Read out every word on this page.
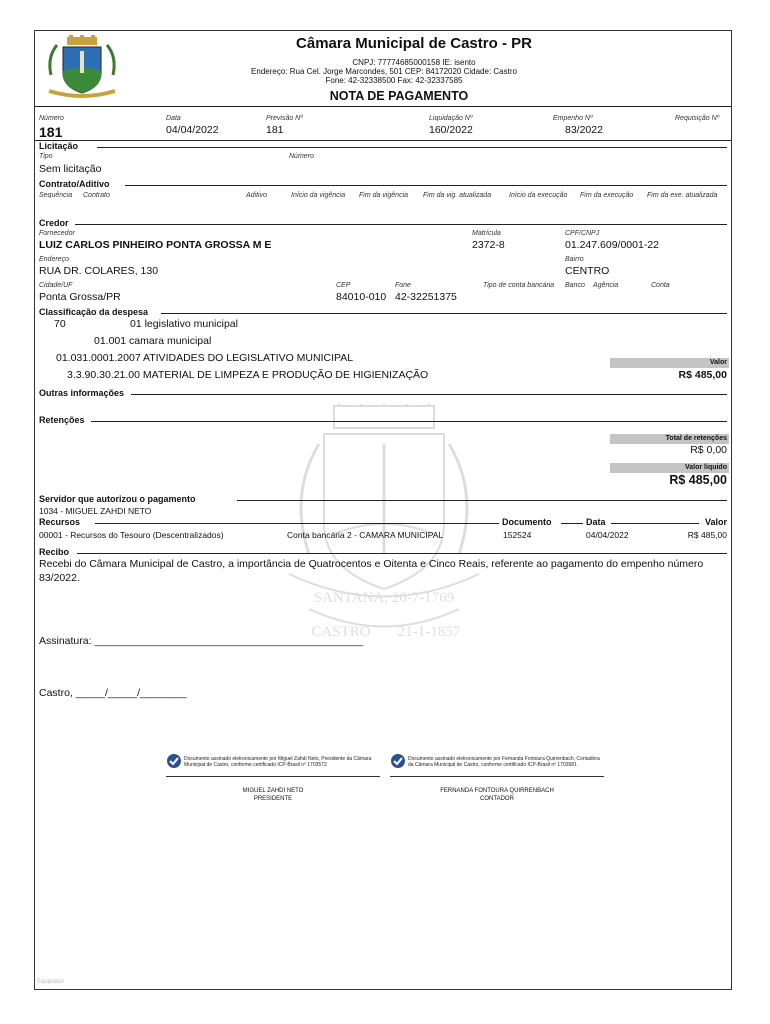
Câmara Municipal de Castro - PR
CNPJ: 77774685000158 IE: isento
Endereço: Rua Cel. Jorge Marcondes, 501 CEP: 84172020 Cidade: Castro
Fone: 42-32338500 Fax: 42-32337585
NOTA DE PAGAMENTO
Número
181
Data
04/04/2022
Previsão Nº
181
Liquidação Nº
160/2022
Empenho Nº
83/2022
Requisição Nº
Licitação
Tipo	Número
Sem licitação
Contrato/Aditivo
Sequência Contrato	Aditivo	Início da vigência Fim da vigência Fim da vig. atualizada	Início da execução Fim da execução Fim da exe. atualizada
Credor
Fornecedor	Matrícula	CPF/CNPJ
LUIZ CARLOS PINHEIRO PONTA GROSSA M E	2372-8	01.247.609/0001-22
Endereço	Bairro
RUA DR. COLARES, 130	CENTRO
Cidade/UF	CEP	Fone	Tipo de conta bancária Banco Agência	Conta
Ponta Grossa/PR	84010-010 42-32251375
Classificação da despesa
70	01 legislativo municipal
01.001 camara municipal
01.031.0001.2007 ATIVIDADES DO LEGISLATIVO MUNICIPAL	Valor
3.3.90.30.21.00 MATERIAL DE LIMPEZA E PRODUÇÃO DE HIGIENIZAÇÃO	R$ 485,00
Outras informações
Retenções
SANTANA, 26-7-1769
CASTRO 21-1-1857
Total de retenções
R$ 0,00
Valor líquido
R$ 485,00
Servidor que autorizou o pagamento
1034 - MIGUEL ZAHDI NETO
Recursos	Documento	Data	Valor
00001 - Recursos do Tesouro (Descentralizados)	Conta bancária 2 - CAMARA MUNICIPAL	152524	04/04/2022	R$ 485,00
Recibo
Recebi do Câmara Municipal de Castro, a importância de Quatrocentos e Oitenta e Cinco Reais, referente ao pagamento do empenho número 83/2022.
Assinatura: ______________________________________________
Castro, _____/_____/________
Documento assinado eletronicamente por Miguel Zahdi Neto, Presidente da Câmara Municipal de Castro, conforme certificado ICP-Brasil nº 1703572
MIGUEL ZAHDI NETO
PRESIDENTE
Documento assinado eletronicamente por Fernanda Fontoura Quirrenbach, Contadora da Câmara Municipal de Castro, conforme certificado ICP-Brasil nº 1703581
FERNANDA FONTOURA QUIRRENBACH
CONTADOR
Equiplano
